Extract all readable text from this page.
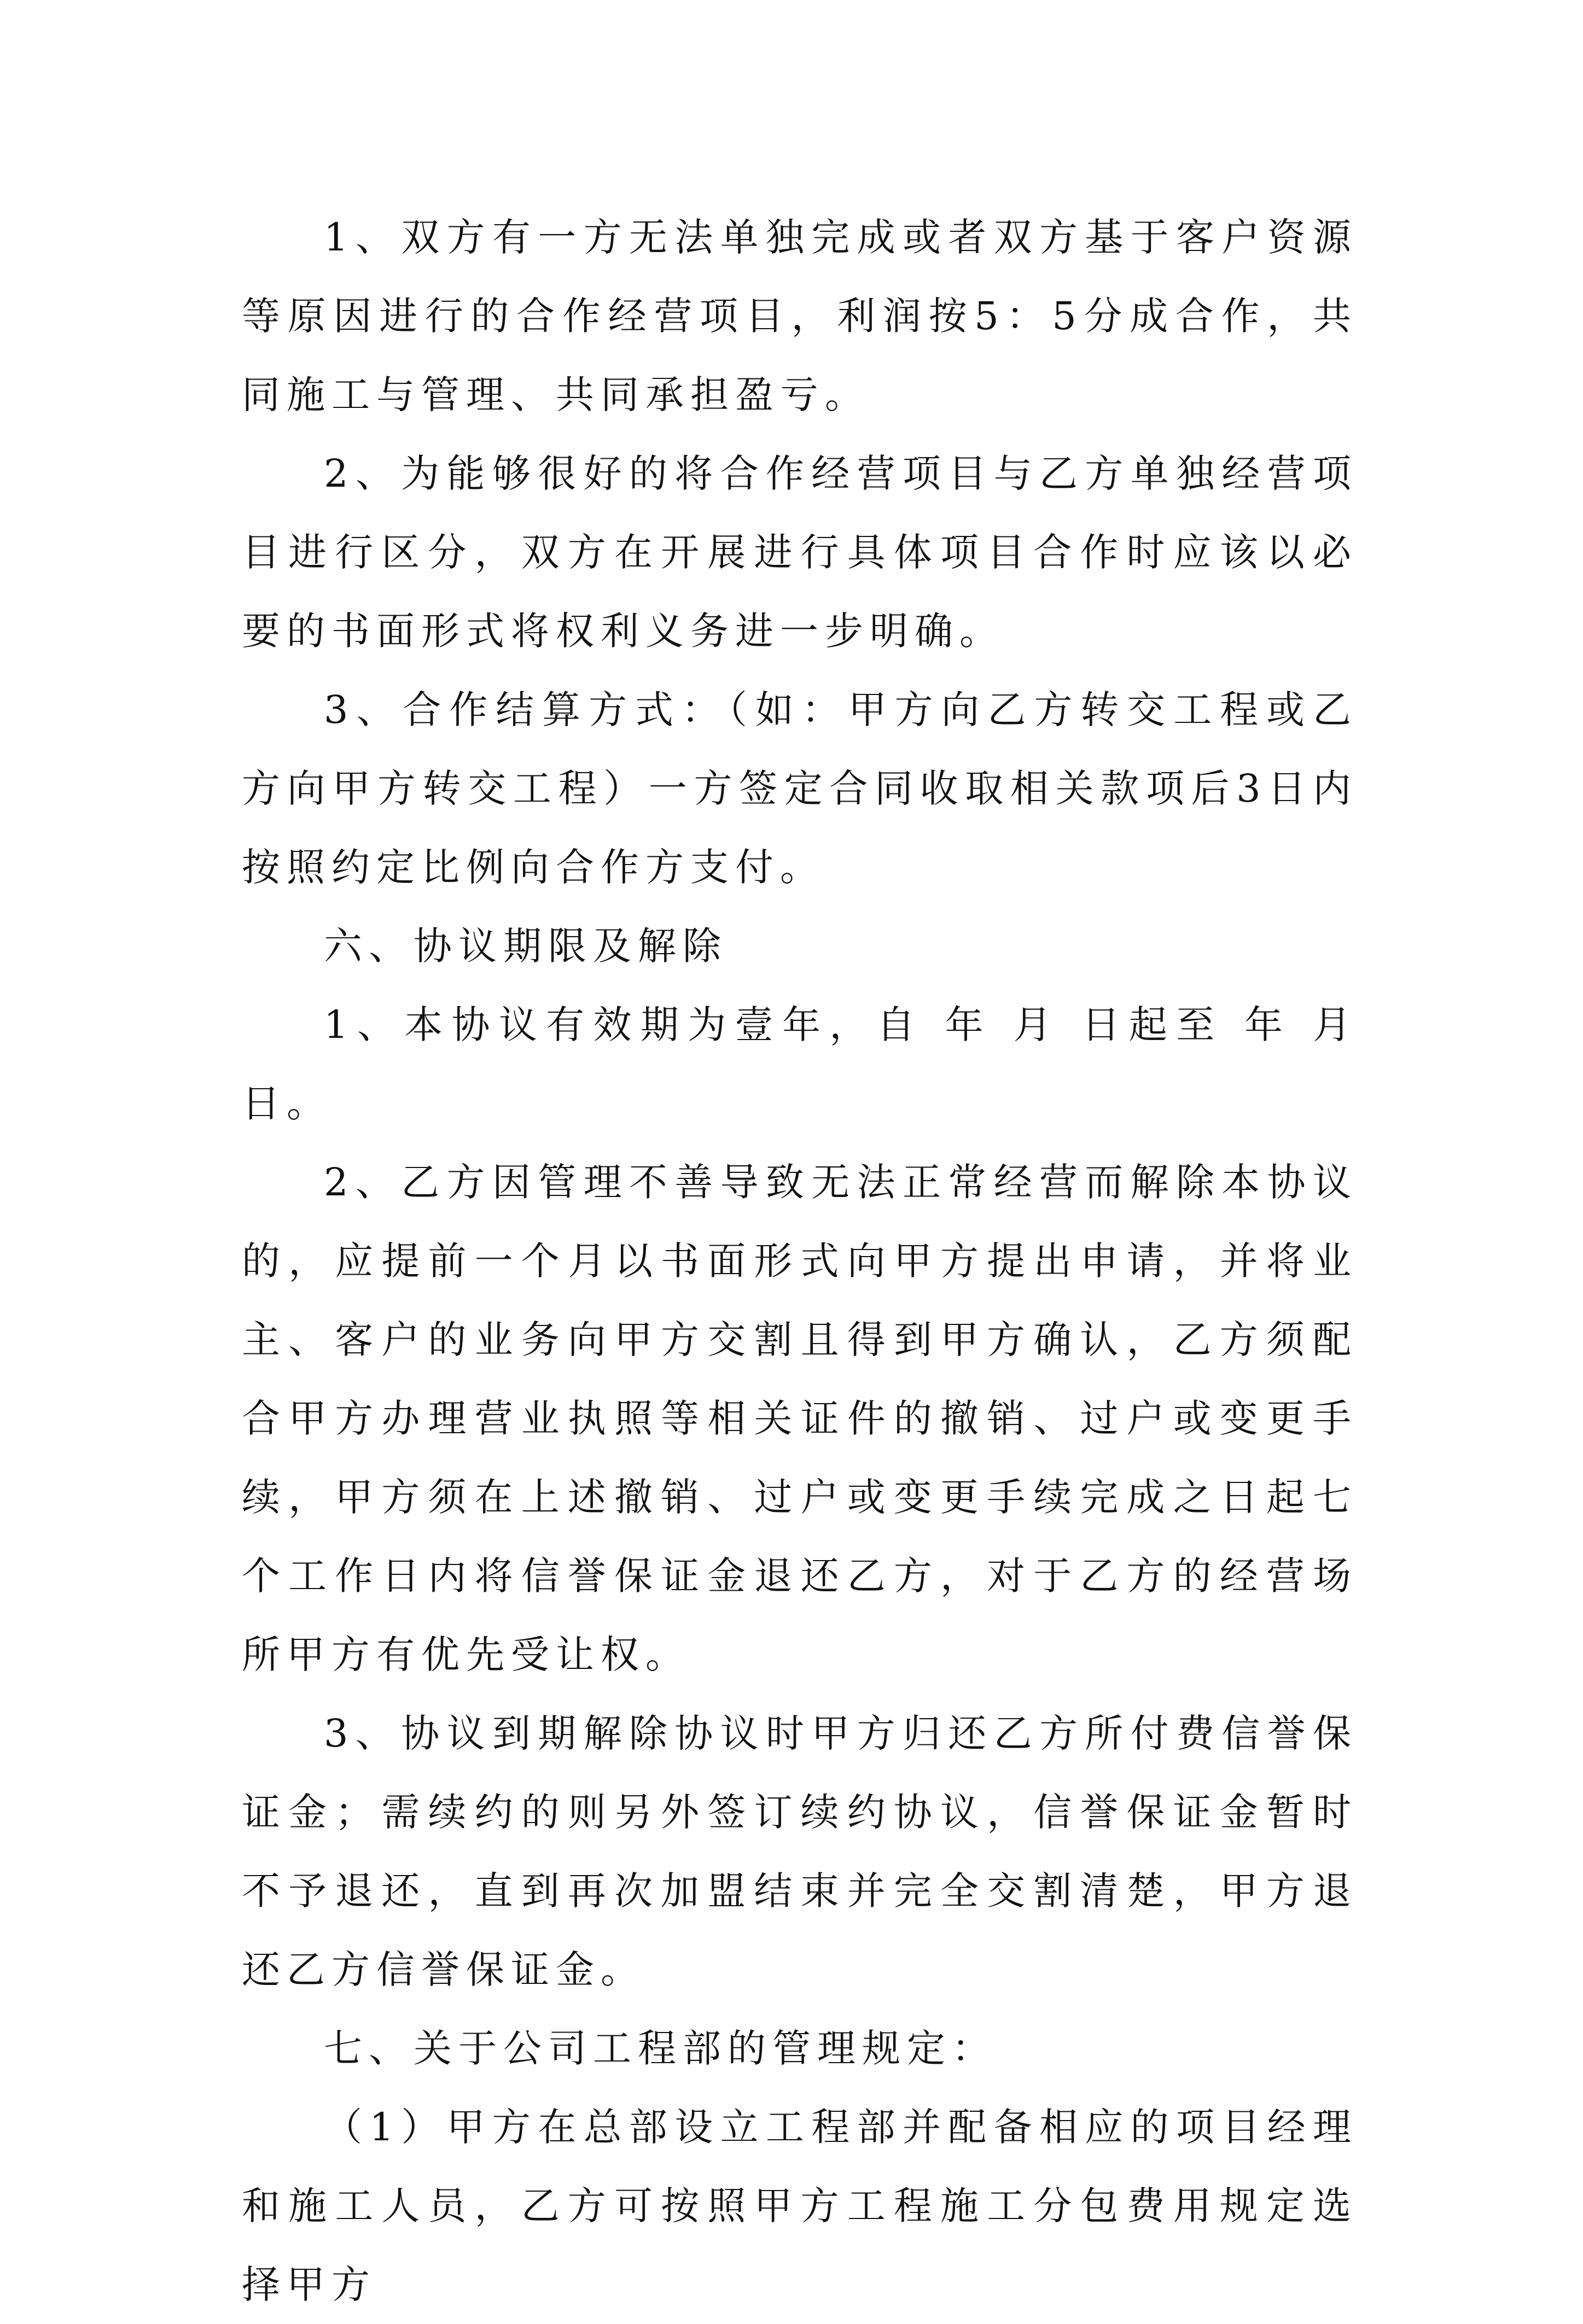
1、双方有一方无法单独完成或者双方基于客户资源等原因进行的合作经营项目，利润按5：5分成合作，共同施工与管理、共同承担盈亏。

2、为能够很好的将合作经营项目与乙方单独经营项目进行区分，双方在开展进行具体项目合作时应该以必要的书面形式将权利义务进一步明确。

3、合作结算方式：（如：甲方向乙方转交工程或乙方向甲方转交工程）一方签定合同收取相关款项后3日内按照约定比例向合作方支付。

六、协议期限及解除

1、本协议有效期为壹年，自 年 月 日起至 年 月 日。

2、乙方因管理不善导致无法正常经营而解除本协议的，应提前一个月以书面形式向甲方提出申请，并将业主、客户的业务向甲方交割且得到甲方确认，乙方须配合甲方办理营业执照等相关证件的撤销、过户或变更手续，甲方须在上述撤销、过户或变更手续完成之日起七个工作日内将信誉保证金退还乙方，对于乙方的经营场所甲方有优先受让权。

3、协议到期解除协议时甲方归还乙方所付费信誉保证金；需续约的则另外签订续约协议，信誉保证金暂时不予退还，直到再次加盟结束并完全交割清楚，甲方退还乙方信誉保证金。

七、关于公司工程部的管理规定：

（1）甲方在总部设立工程部并配备相应的项目经理和施工人员，乙方可按照甲方工程施工分包费用规定选择甲方
